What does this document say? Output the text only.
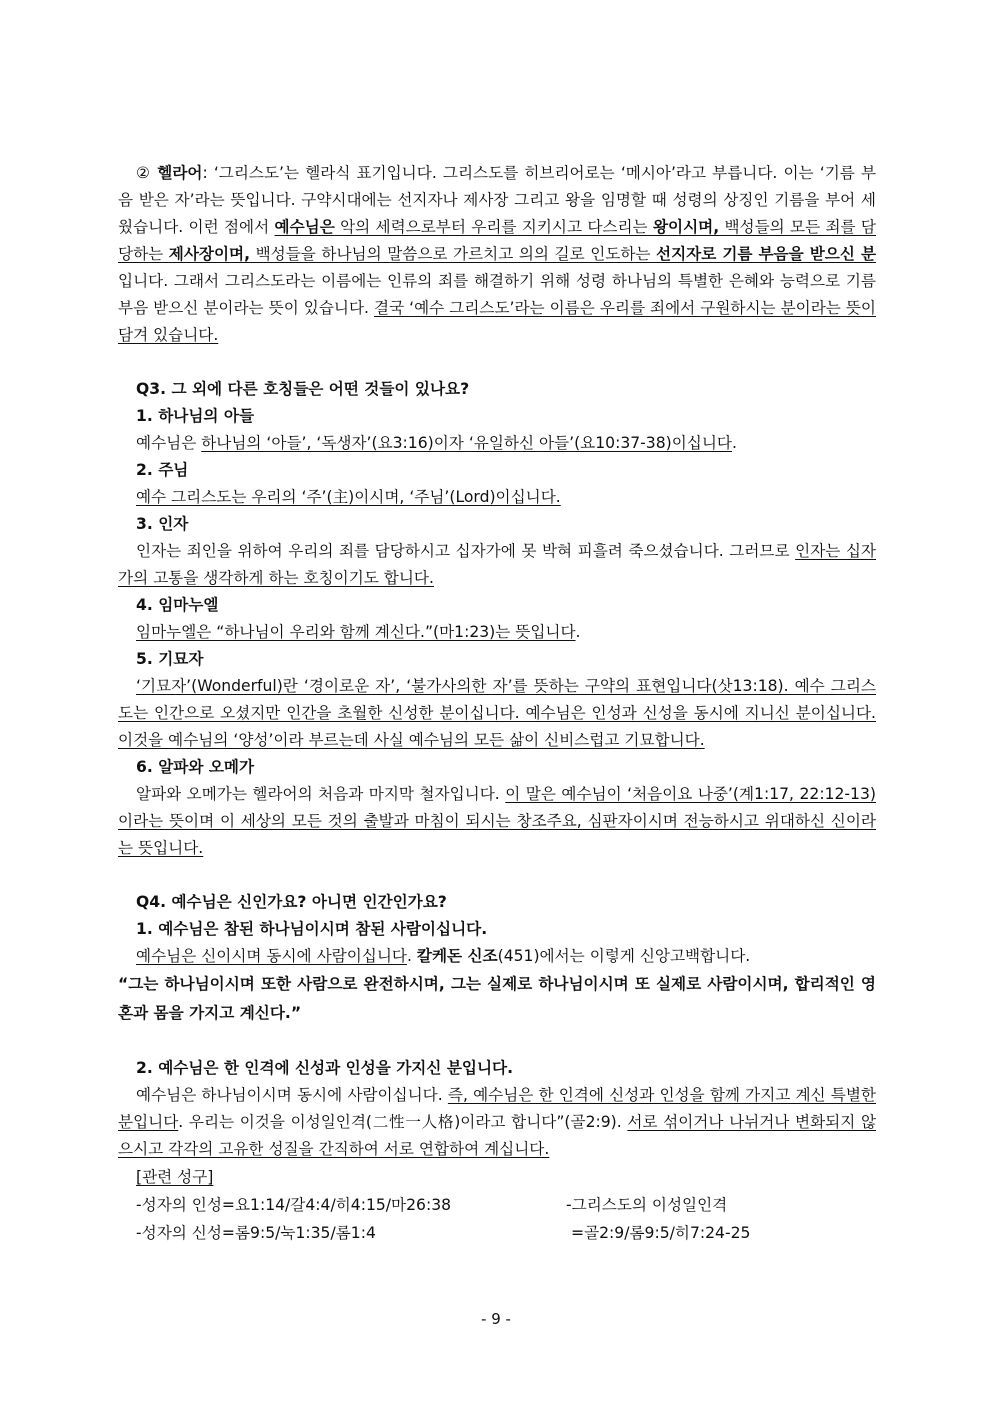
② 헬라어: ‘그리스도’는 헬라식 표기입니다. 그리스도를 히브리어로는 ‘메시아’라고 부릅니다. 이는 ‘기름 부음 받은 자’라는 뜻입니다. 구약시대에는 선지자나 제사장 그리고 왕을 임명할 때 성령의 상징인 기름을 부어 세웠습니다. 이런 점에서 예수님은 악의 세력으로부터 우리를 지키시고 다스리는 왕이시며, 백성들의 모든 죄를 담당하는 제사장이며, 백성들을 하나님의 말씀으로 가르치고 의의 길로 인도하는 선지자로 기름 부음을 받으신 분입니다. 그래서 그리스도라는 이름에는 인류의 죄를 해결하기 위해 성령 하나님의 특별한 은혜와 능력으로 기름 부음 받으신 분이라는 뜻이 있습니다. 결국 ‘예수 그리스도’라는 이름은 우리를 죄에서 구원하시는 분이라는 뜻이 담겨 있습니다.

Q3. 그 외에 다른 호칭들은 어떤 것들이 있나요?
1. 하나님의 아들

예수님은 하나님의 ‘아들’, ‘독생자’(요3:16)이자 ‘유일하신 아들’(요10:37-38)이십니다.

2. 주님

예수 그리스도는 우리의 ‘주’(主)이시며, ‘주님’(Lord)이십니다.

3. 인자

인자는 죄인을 위하여 우리의 죄를 담당하시고 십자가에 못 박혀 피흘려 죽으셨습니다. 그러므로 인자는 십자가의 고통을 생각하게 하는 호칭이기도 합니다.

4. 임마누엘

임마누엘은 “하나님이 우리와 함께 계신다.”(마1:23)는 뜻입니다.

5. 기묘자

‘기묘자’(Wonderful)란 ‘경이로운 자’, ‘불가사의한 자’를 뜻하는 구약의 표현입니다(삿13:18). 예수 그리스도는 인간으로 오셨지만 인간을 초월한 신성한 분이십니다. 예수님은 인성과 신성을 동시에 지니신 분이십니다. 이것을 예수님의 ‘양성’이라 부르는데 사실 예수님의 모든 삶이 신비스럽고 기묘합니다.

6. 알파와 오메가

알파와 오메가는 헬라어의 처음과 마지막 철자입니다. 이 말은 예수님이 ‘처음이요 나중’(계1:17, 22:12-13)이라는 뜻이며 이 세상의 모든 것의 출발과 마침이 되시는 창조주요, 심판자이시며 전능하시고 위대하신 신이라는 뜻입니다.

Q4. 예수님은 신인가요? 아니면 인간인가요?
1. 예수님은 참된 하나님이시며 참된 사람이십니다.

예수님은 신이시며 동시에 사람이십니다. 칼케돈 신조(451)에서는 이렇게 신앙고백합니다.

“그는 하나님이시며 또한 사람으로 완전하시며, 그는 실제로 하나님이시며 또 실제로 사람이시며, 합리적인 영혼과 몸을 가지고 계신다.”

2. 예수님은 한 인격에 신성과 인성을 가지신 분입니다.

예수님은 하나님이시며 동시에 사람이십니다. 즉, 예수님은 한 인격에 신성과 인성을 함께 가지고 계신 특별한 분입니다. 우리는 이것을 이성일인격(二性一人格)이라고 합니다”(골2:9). 서로 섞이거나 나뉘거나 변화되지 않으시고 각각의 고유한 성질을 간직하여 서로 연합하여 계십니다.

[관련 성구]
-성자의 인성=요1:14/갈4:4/히4:15/마26:38	-그리스도의 이성일인격
-성자의 신성=롬9:5/눅1:35/롬1:4	=골2:9/롬9:5/히7:24-25
- 9 -
